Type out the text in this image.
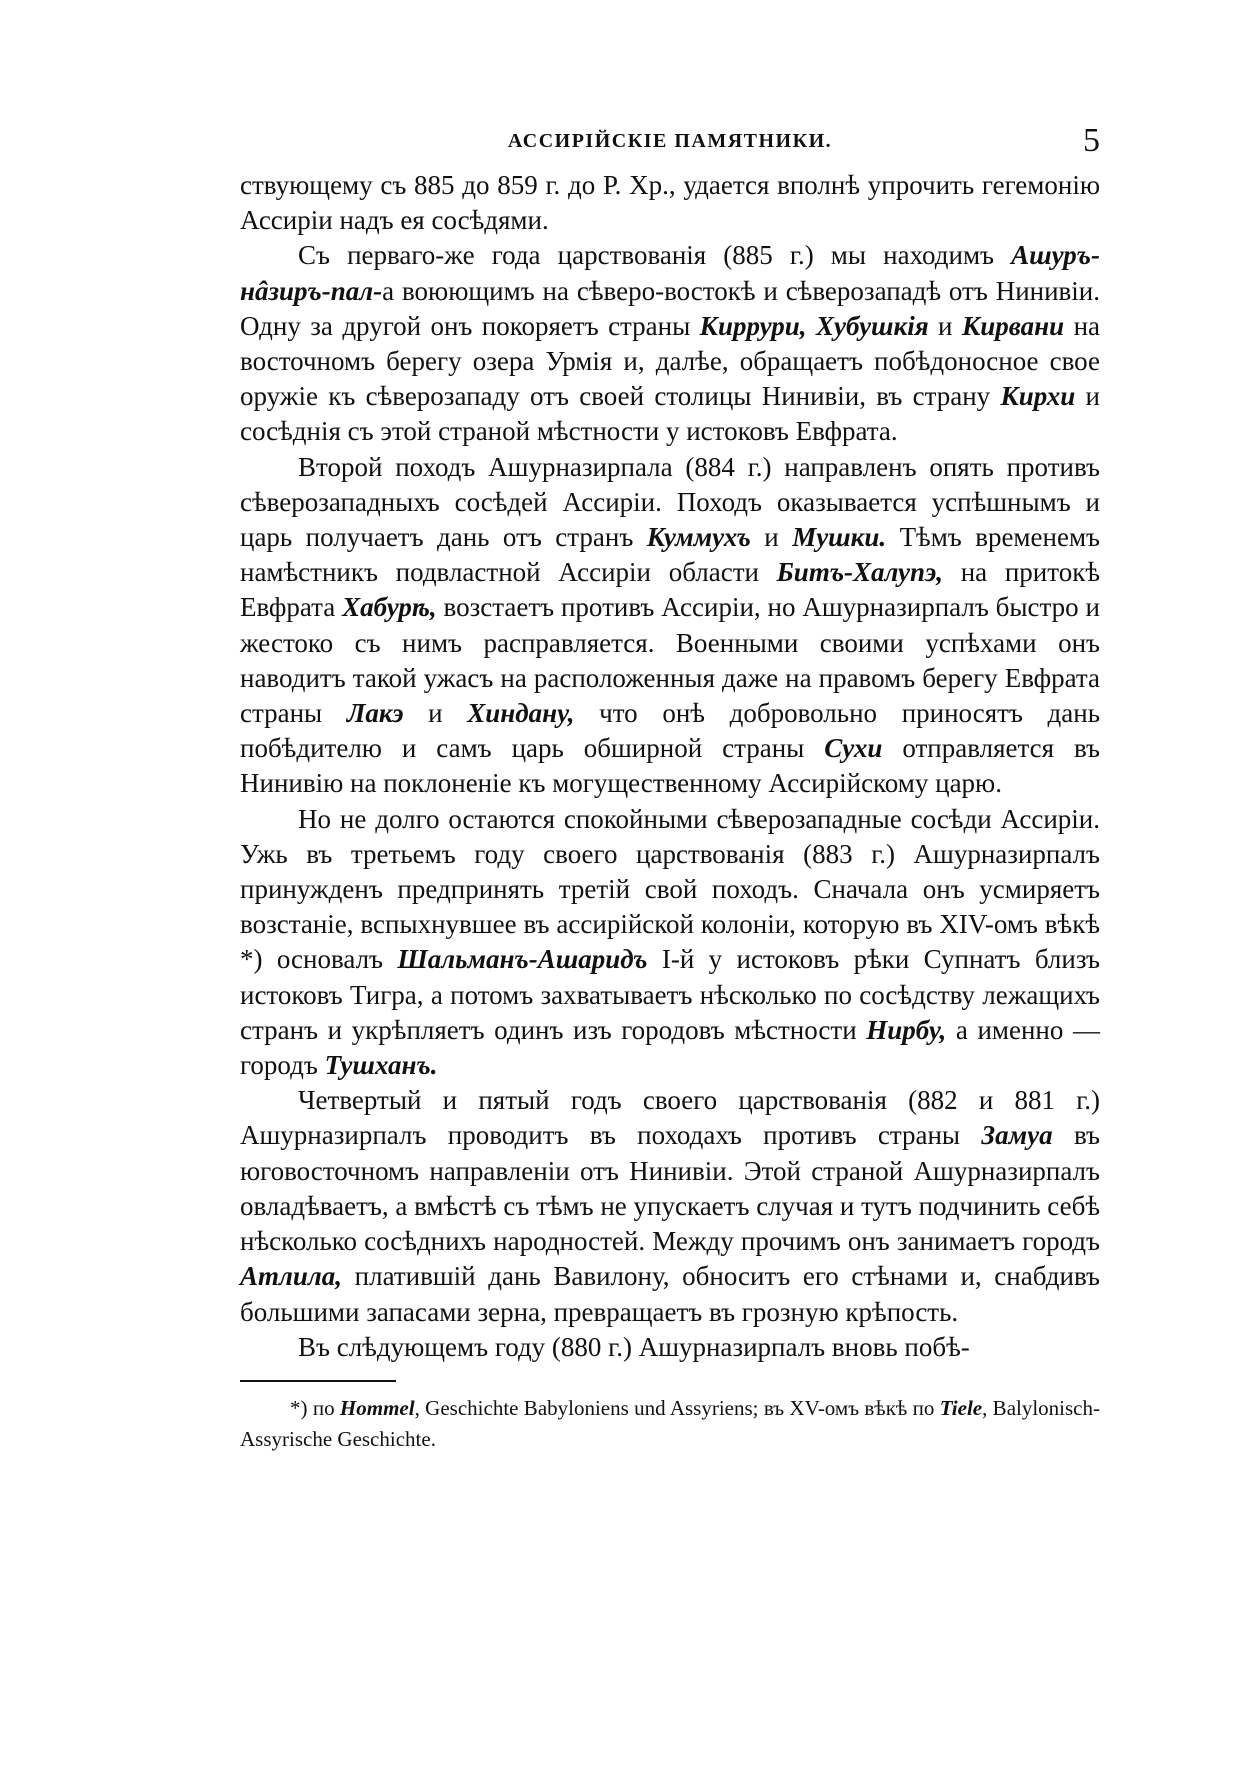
АССИРІЙСКІЕ ПАМЯТНИКИ.	5

ствующему съ 885 до 859 г. до Р. Хр., удается вполнѣ упрочить гегемонію Ассиріи надъ ея сосѣдями.

Съ перваго-же года царствованія (885 г.) мы находимъ Ашуръ-нâзиръ-пал-а воюющимъ на сѣверо-востокѣ и сѣверозападѣ отъ Нинивіи. Одну за другой онъ покоряетъ страны Киррури, Хубушкія и Кирвани на восточномъ берегу озера Урмія и, далѣе, обращаетъ побѣдоносное свое оружіе къ сѣверозападу отъ своей столицы Нинивіи, въ страну Кирхи и сосѣднія съ этой страной мѣстности у истоковъ Евфрата.

Второй походъ Ашурназирпала (884 г.) направленъ опять противъ сѣверозападныхъ сосѣдей Ассиріи. Походъ оказывается успѣшнымъ и царь получаетъ дань отъ странъ Куммухъ и Мушки. Тѣмъ временемъ намѣстникъ подвластной Ассиріи области Битъ-Халупэ, на притокѣ Евфрата Хабурѣ, возстаетъ противъ Ассиріи, но Ашурназирпалъ быстро и жестоко съ нимъ расправляется. Военными своими успѣхами онъ наводитъ такой ужасъ на расположенныя даже на правомъ берегу Евфрата страны Лакэ и Хиндану, что онѣ добровольно приносятъ дань побѣдителю и самъ царь обширной страны Сухи отправляется въ Нинивію на поклоненіе къ могущественному Ассирійскому царю.

Но не долго остаются спокойными сѣверозападные сосѣди Ассиріи. Ужь въ третьемъ году своего царствованія (883 г.) Ашурназирпалъ принужденъ предпринять третій свой походъ. Сначала онъ усмиряетъ возстаніе, вспыхнувшее въ ассирійской колоніи, которую въ XIV-омъ вѣкѣ *) основалъ Шальманъ-Ашаридъ I-й у истоковъ рѣки Супнатъ близъ истоковъ Тигра, а потомъ захватываетъ нѣсколько по сосѣдству лежащихъ странъ и укрѣпляетъ одинъ изъ городовъ мѣстности Нирбу, а именно — городъ Тушханъ.

Четвертый и пятый годъ своего царствованія (882 и 881 г.) Ашурназирпалъ проводитъ въ походахъ противъ страны Замуа въ юговосточномъ направленіи отъ Нинивіи. Этой страной Ашурназирпалъ овладѣваетъ, а вмѣстѣ съ тѣмъ не упускаетъ случая и тутъ подчинить себѣ нѣсколько сосѣднихъ народностей. Между прочимъ онъ занимаетъ городъ Атлила, платившій дань Вавилону, обноситъ его стѣнами и, снабдивъ большими запасами зерна, превращаетъ въ грозную крѣпость.

Въ слѣдующемъ году (880 г.) Ашурназирпалъ вновь побѣ-

*) по Hommel, Geschichte Babyloniens und Assyriens; въ XV-омъ вѣкѣ по Tiele, Balylonisch-Assyrische Geschichte.
